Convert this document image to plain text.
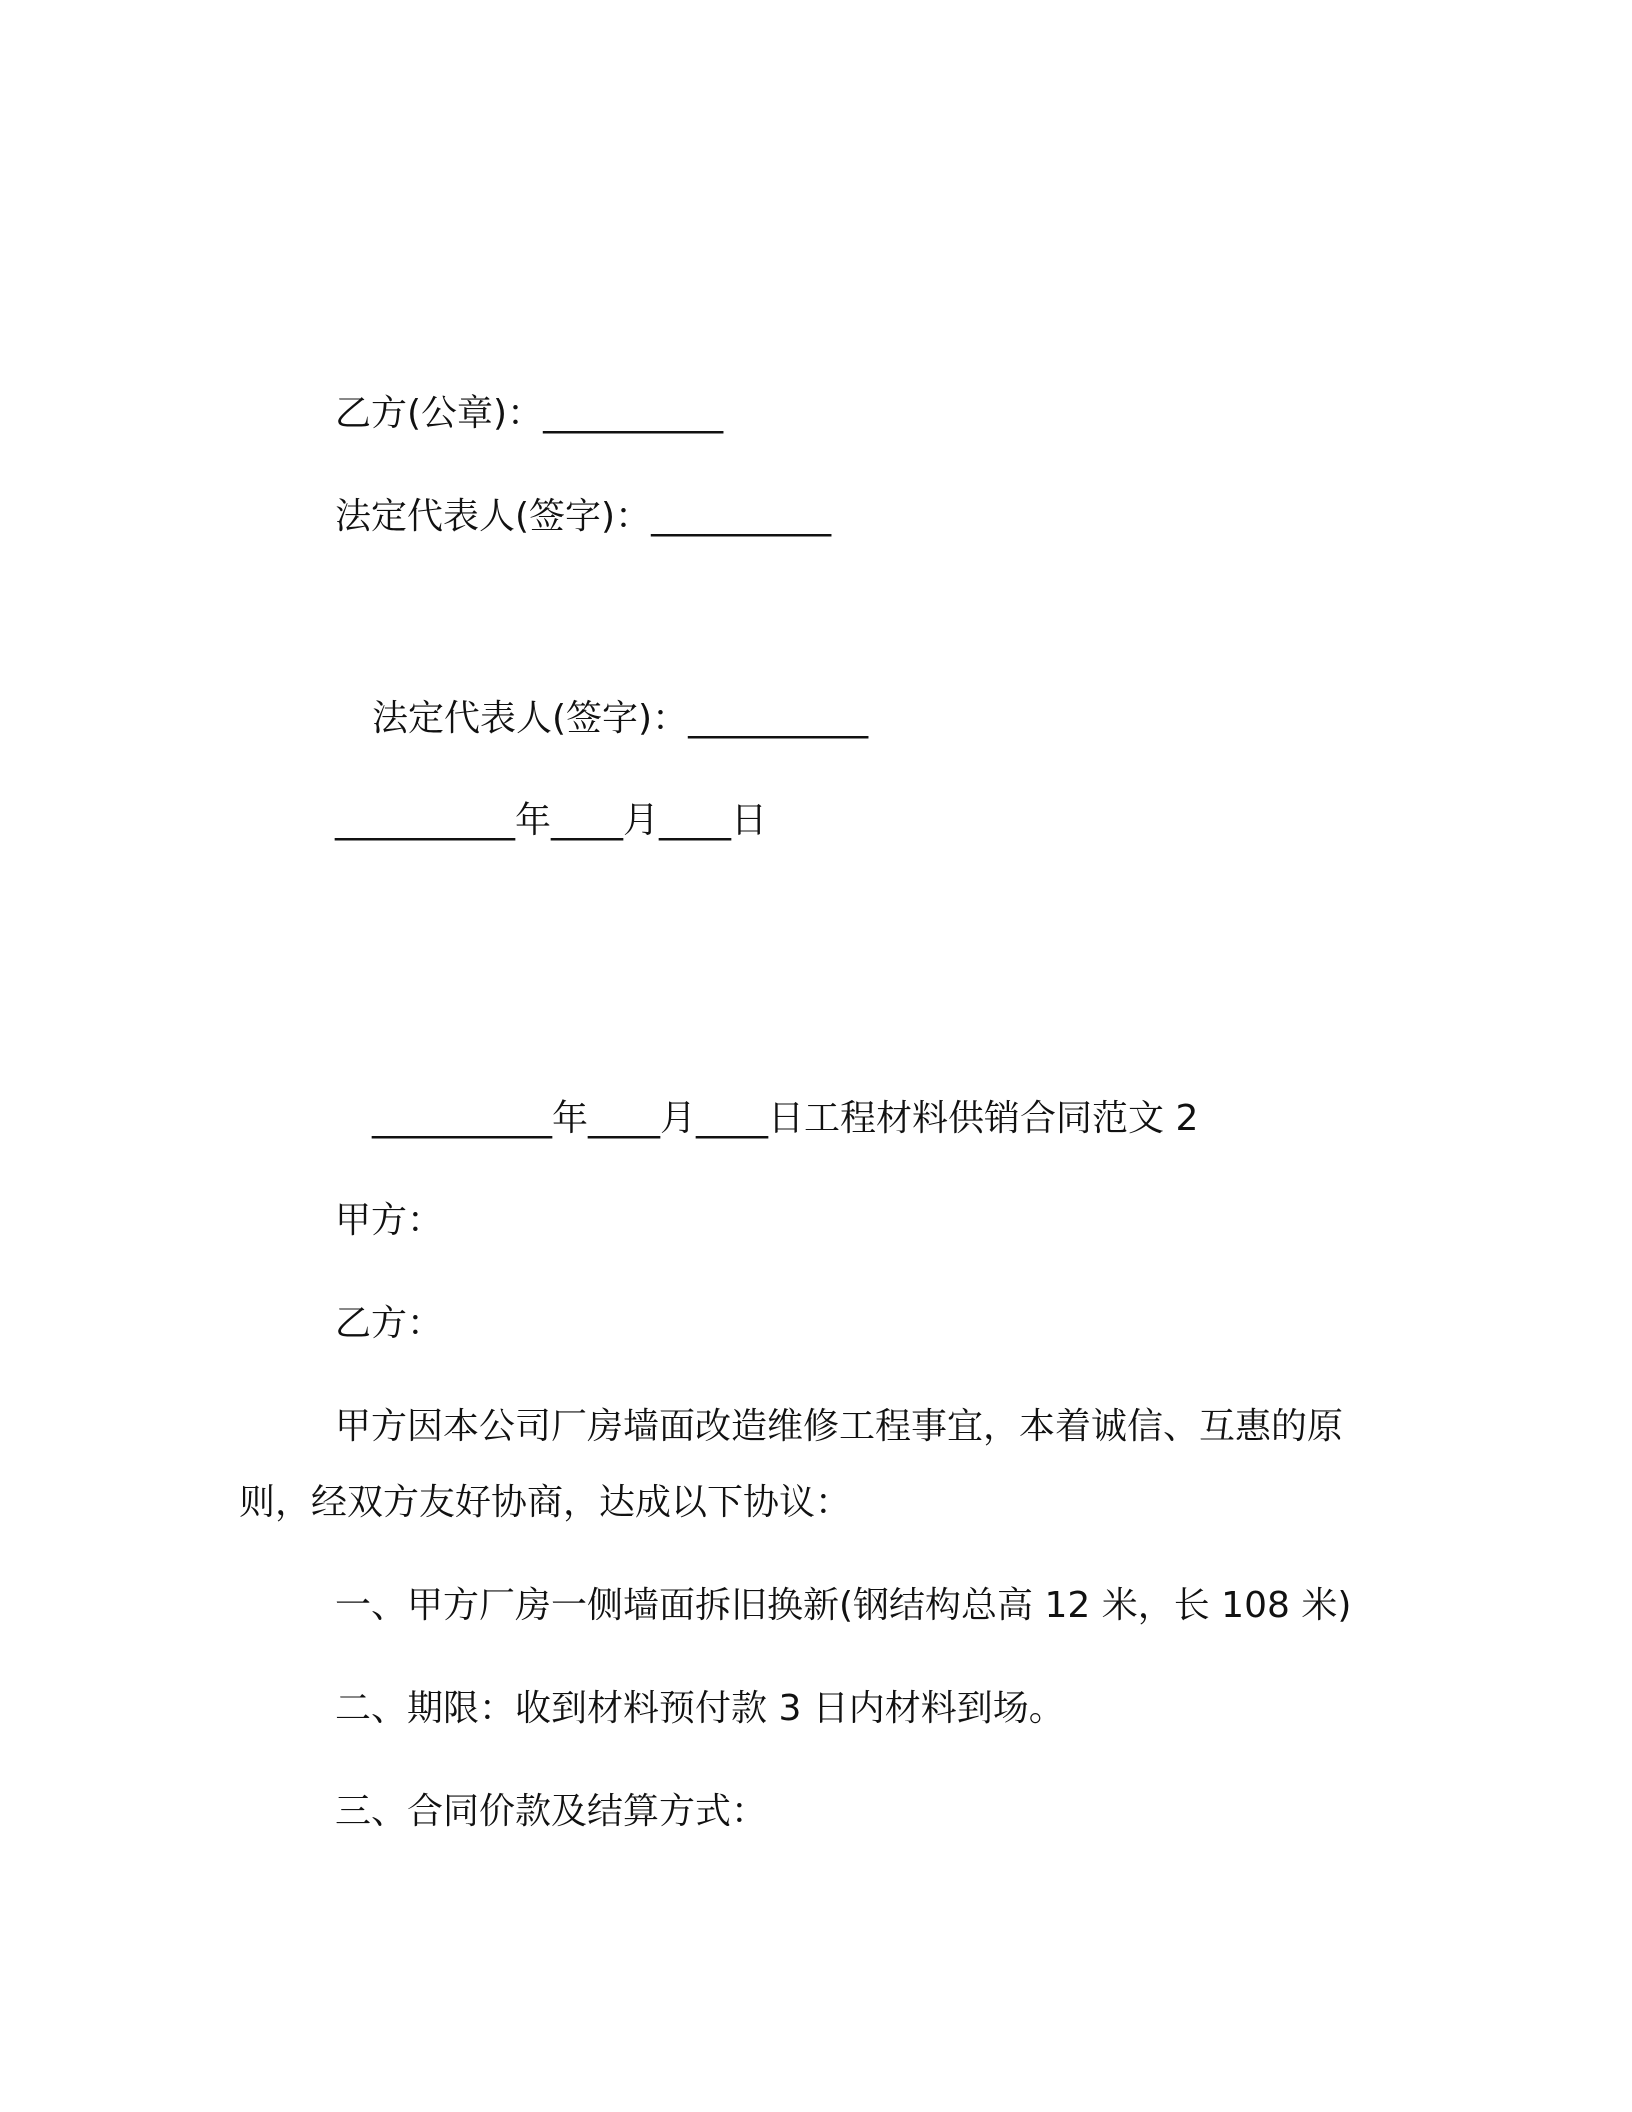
乙方(公章)：__________
法定代表人(签字)：__________
法定代表人(签字)：__________
__________年____月____日
__________年____月____日工程材料供销合同范文 2
甲方：
乙方：
甲方因本公司厂房墙面改造维修工程事宜，本着诚信、互惠的原
则，经双方友好协商，达成以下协议：
一、甲方厂房一侧墙面拆旧换新(钢结构总高 12 米，长 108 米)
二、期限：收到材料预付款 3 日内材料到场。
三、合同价款及结算方式：
